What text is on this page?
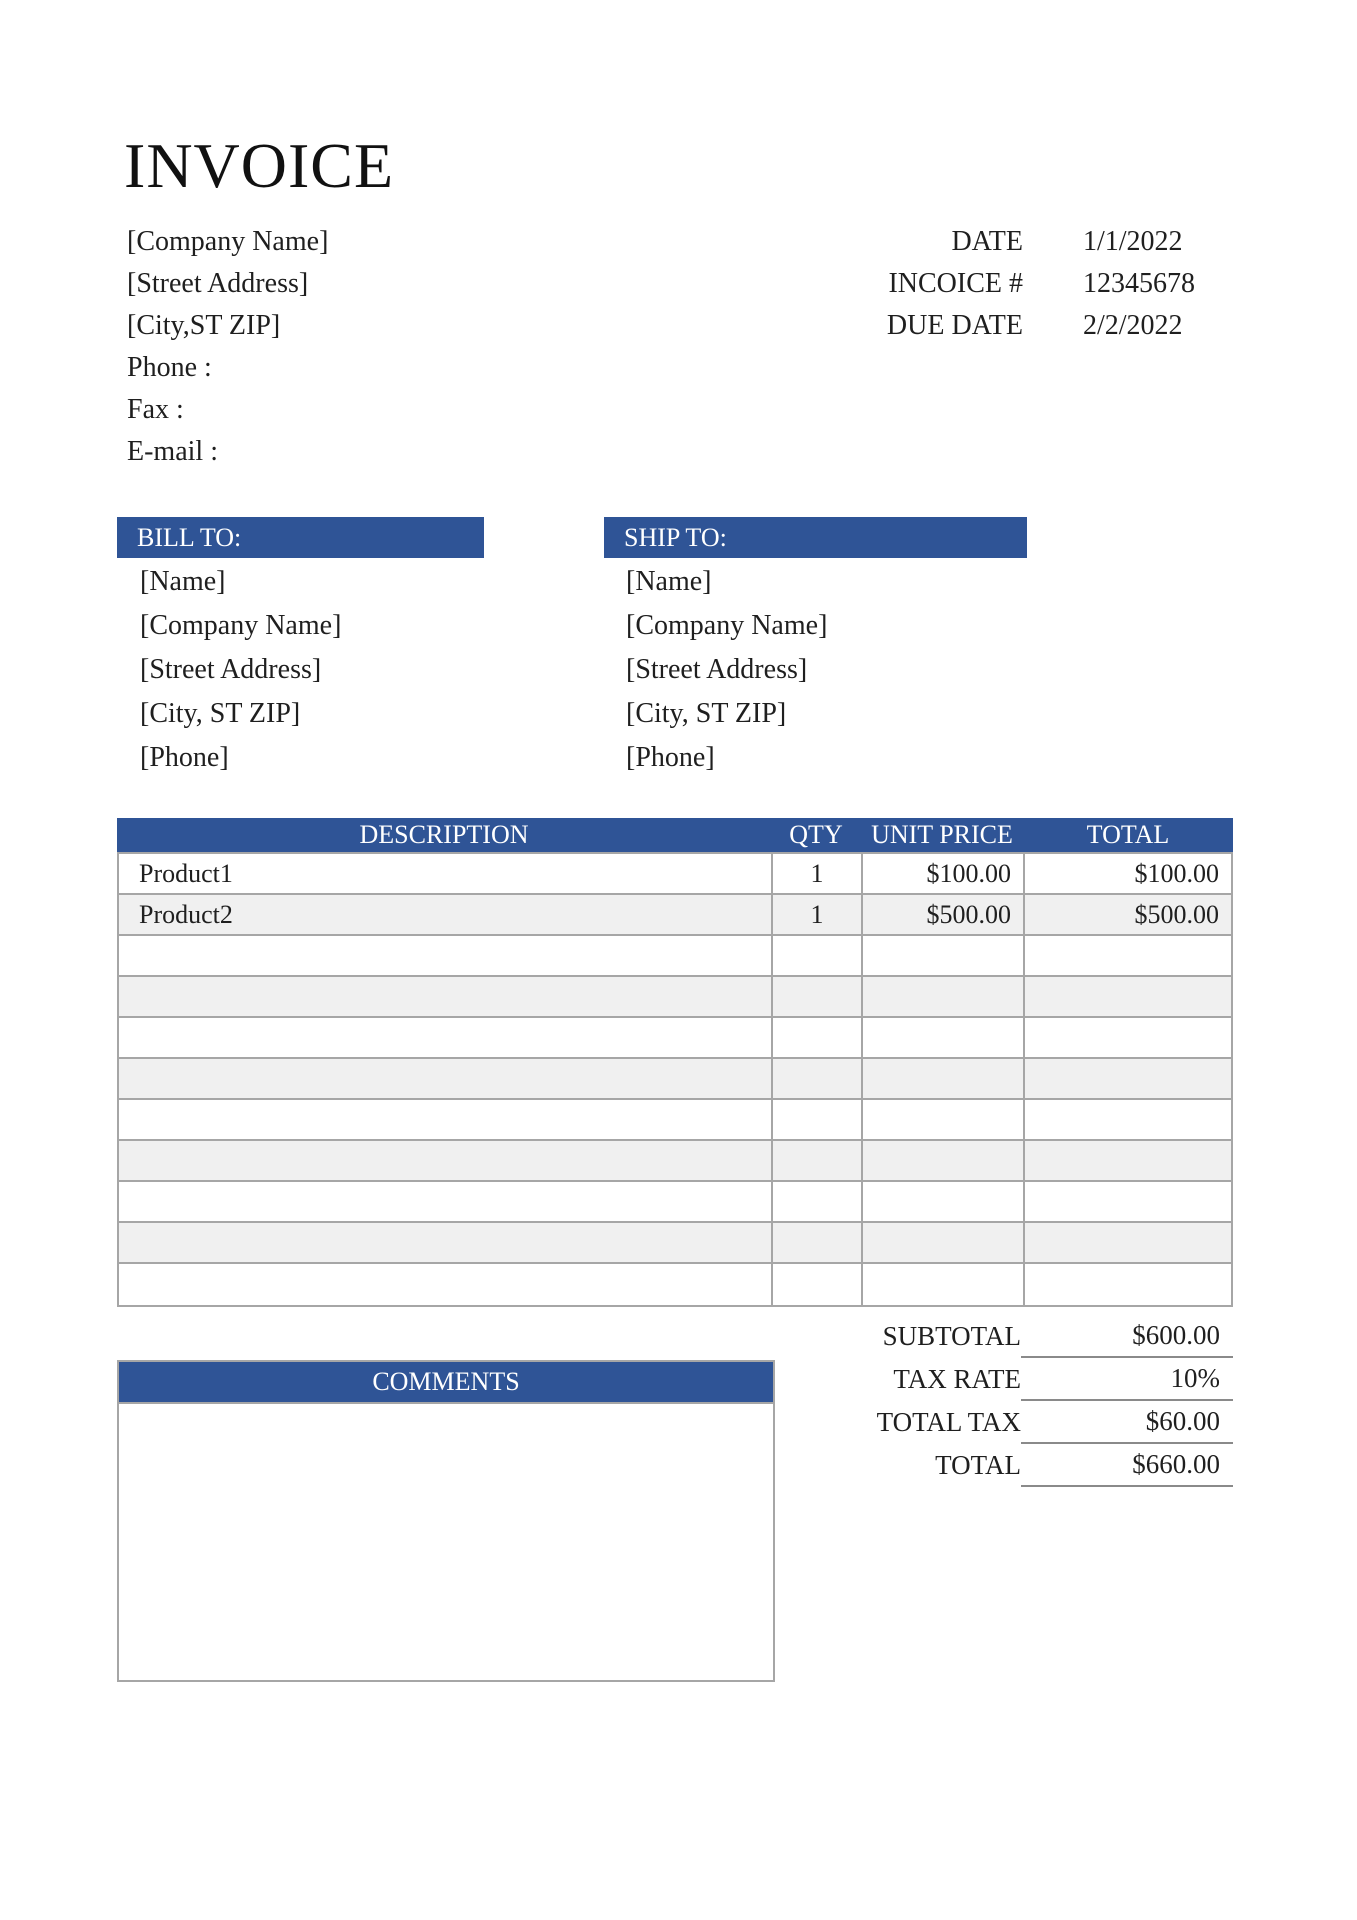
INVOICE
[Company Name]
[Street Address]
[City,ST ZIP]
Phone :
Fax :
E-mail :
DATE 1/1/2022
INCOICE # 12345678
DUE DATE 2/2/2022
BILL TO:	SHIP TO:
[Name]
[Company Name]
[Street Address]
[City, ST ZIP]
[Phone]
[Name]
[Company Name]
[Street Address]
[City, ST ZIP]
[Phone]
DESCRIPTION	QTY	UNIT PRICE	TOTAL
Product1	1	$100.00	$100.00
Product2	1	$500.00	$500.00
SUBTOTAL	$600.00
TAX RATE	10%
TOTAL TAX	$60.00
TOTAL	$660.00
COMMENTS
